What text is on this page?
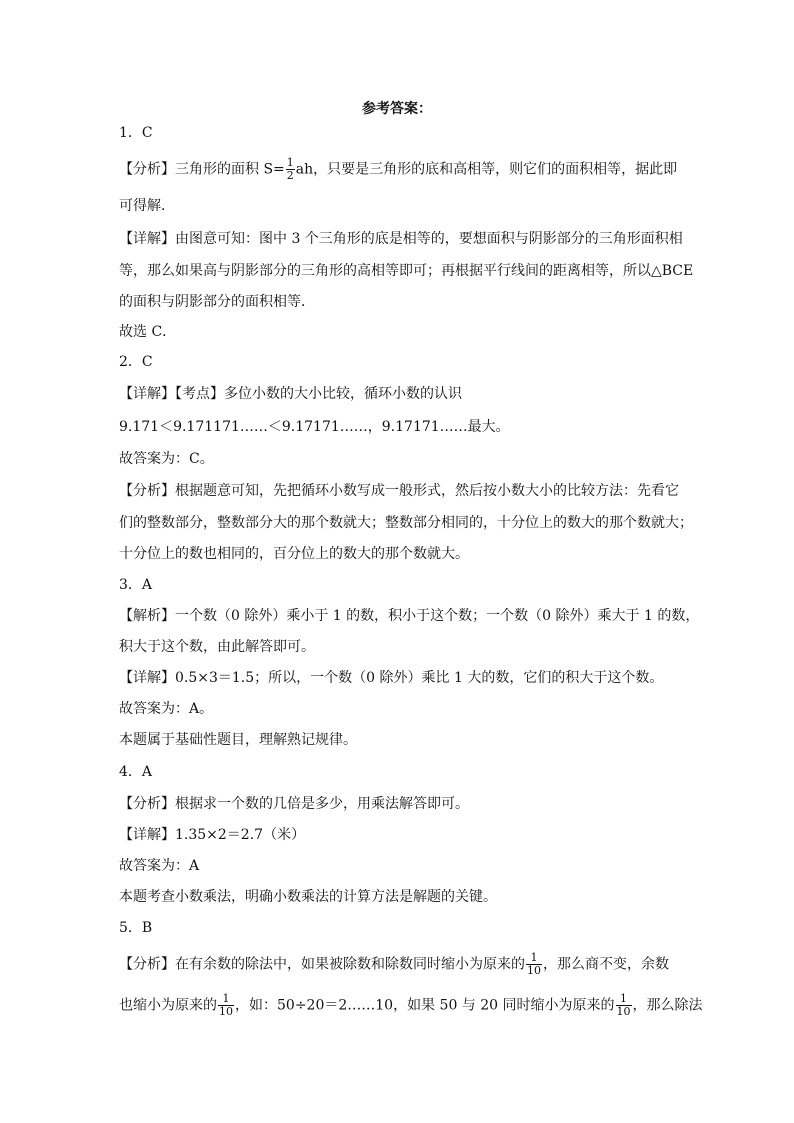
参考答案：
1．C
【分析】三角形的面积 $S= \frac{1}{2}$ ah，只要是三角形的底和高相等，则它们的面积相等，据此即
可得解．
【详解】由图意可知：图中 3 个三角形的底是相等的，要想面积与阴影部分的三角形面积相
等，那么如果高与阴影部分的三角形的高相等即可；再根据平行线间的距离相等，所以△BCE
的面积与阴影部分的面积相等．
故选 C．
2．C
【详解】【考点】多位小数的大小比较，循环小数的认识
9.171＜9.171171……＜9.17171……，9.17171……最大。
故答案为：C。
【分析】根据题意可知，先把循环小数写成一般形式，然后按小数大小的比较方法：先看它
们的整数部分，整数部分大的那个数就大；整数部分相同的，十分位上的数大的那个数就大；
十分位上的数也相同的，百分位上的数大的那个数就大。
3．A
【解析】一个数（0 除外）乘小于 1 的数，积小于这个数；一个数（0 除外）乘大于 1 的数，
积大于这个数，由此解答即可。
【详解】0.5×3＝1.5；所以，一个数（0 除外）乘比 1 大的数，它们的积大于这个数。
故答案为：A。
本题属于基础性题目，理解熟记规律。
4．A
【分析】根据求一个数的几倍是多少，用乘法解答即可。
【详解】1.35×2＝2.7（米）
故答案为：A
本题考查小数乘法，明确小数乘法的计算方法是解题的关键。
5．B
【分析】在有余数的除法中，如果被除数和除数同时缩小为原来的 $\frac{1}{10}$ ，那么商不变，余数
也缩小为原来的 $\frac{1}{10}$ ，如：50÷20＝2……10，如果 50 与 20 同时缩小为原来的 $\frac{1}{10}$ ，那么除法
